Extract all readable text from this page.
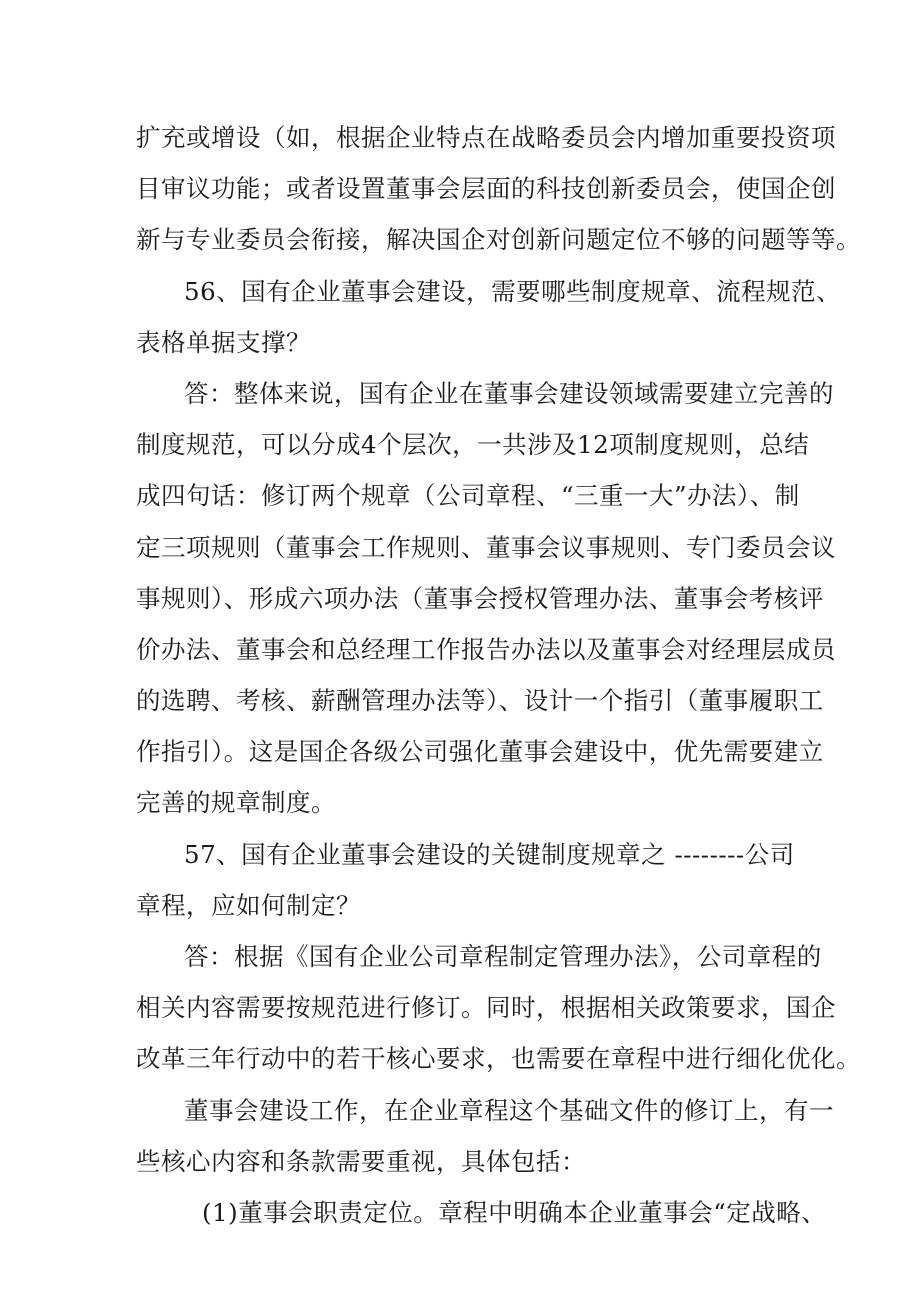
扩充或增设（如，根据企业特点在战略委员会内增加重要投资项
目审议功能；或者设置董事会层面的科技创新委员会，使国企创
新与专业委员会衔接，解决国企对创新问题定位不够的问题等等。
56、国有企业董事会建设，需要哪些制度规章、流程规范、
表格单据支撑？
答：整体来说，国有企业在董事会建设领域需要建立完善的
制度规范，可以分成4个层次，一共涉及12项制度规则，总结
成四句话：修订两个规章（公司章程、“三重一大”办法）、制
定三项规则（董事会工作规则、董事会议事规则、专门委员会议
事规则）、形成六项办法（董事会授权管理办法、董事会考核评
价办法、董事会和总经理工作报告办法以及董事会对经理层成员
的选聘、考核、薪酬管理办法等）、设计一个指引（董事履职工
作指引）。这是国企各级公司强化董事会建设中，优先需要建立
完善的规章制度。
57、国有企业董事会建设的关键制度规章之 --------公司
章程，应如何制定？
答：根据《国有企业公司章程制定管理办法》，公司章程的
相关内容需要按规范进行修订。同时，根据相关政策要求，国企
改革三年行动中的若干核心要求，也需要在章程中进行细化优化。
董事会建设工作，在企业章程这个基础文件的修订上，有一
些核心内容和条款需要重视，具体包括：
(1)董事会职责定位。章程中明确本企业董事会“定战略、
